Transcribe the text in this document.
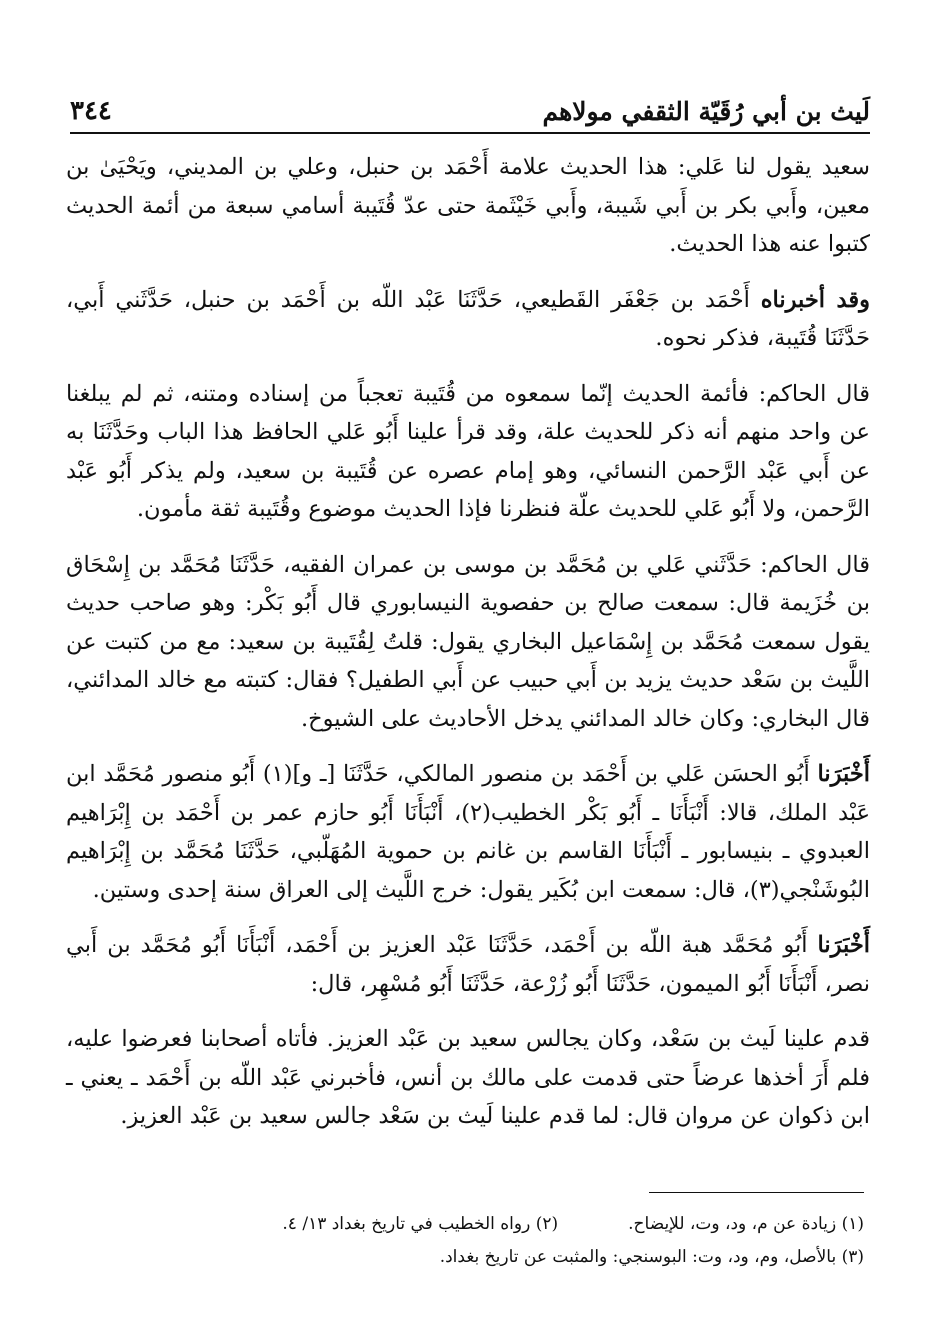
لَيث بن أبي رُقَيّة الثقفي مولاهم
٣٤٤

سعيد يقول لنا عَلي: هذا الحديث علامة أَحْمَد بن حنبل، وعلي بن المديني، ويَحْيَىٰ بن معين، وأَبي بكر بن أَبي شَيبة، وأَبي خَيْثَمة حتى عدّ قُتَيبة أسامي سبعة من أئمة الحديث كتبوا عنه هذا الحديث.

وقد أخبرناه أَحْمَد بن جَعْفَر القَطيعي، حَدَّثَنَا عَبْد اللّه بن أَحْمَد بن حنبل، حَدَّثَني أَبي، حَدَّثَنَا قُتَيبة، فذكر نحوه.

قال الحاكم: فأئمة الحديث إنّما سمعوه من قُتَيبة تعجباً من إسناده ومتنه، ثم لم يبلغنا عن واحد منهم أنه ذكر للحديث علة، وقد قرأ علينا أَبُو عَلي الحافظ هذا الباب وحَدَّثَنَا به عن أَبي عَبْد الرَّحمن النسائي، وهو إمام عصره عن قُتَيبة بن سعيد، ولم يذكر أَبُو عَبْد الرَّحمن، ولا أَبُو عَلي للحديث علّة فنظرنا فإذا الحديث موضوع وقُتَيبة ثقة مأمون.

قال الحاكم: حَدَّثَني عَلي بن مُحَمَّد بن موسى بن عمران الفقيه، حَدَّثَنَا مُحَمَّد بن إِسْحَاق بن خُزَيمة قال: سمعت صالح بن حفصوية النيسابوري قال أَبُو بَكْر: وهو صاحب حديث يقول سمعت مُحَمَّد بن إِسْمَاعيل البخاري يقول: قلتُ لِقُتَيبة بن سعيد: مع من كتبت عن اللَّيث بن سَعْد حديث يزيد بن أَبي حبيب عن أَبي الطفيل؟ فقال: كتبته مع خالد المدائني، قال البخاري: وكان خالد المدائني يدخل الأحاديث على الشيوخ.

أَخْبَرَنا أَبُو الحسَن عَلي بن أَحْمَد بن منصور المالكي، حَدَّثَنَا [ـ و](١) أَبُو منصور مُحَمَّد ابن عَبْد الملك، قالا: أَنْبَأَنَا ـ أَبُو بَكْر الخطيب(٢)، أَنْبَأَنَا أَبُو حازم عمر بن أَحْمَد بن إِبْرَاهيم العبدوي ـ بنيسابور ـ أَنْبَأَنَا القاسم بن غانم بن حموية المُهَلّبي، حَدَّثَنَا مُحَمَّد بن إِبْرَاهيم البُوشَنْجي(٣)، قال: سمعت ابن بُكَير يقول: خرج اللَّيث إلى العراق سنة إحدى وستين.

أَخْبَرَنا أَبُو مُحَمَّد هبة اللّه بن أَحْمَد، حَدَّثَنَا عَبْد العزيز بن أَحْمَد، أَنْبَأَنَا أَبُو مُحَمَّد بن أَبي نصر، أَنْبَأَنَا أَبُو الميمون، حَدَّثَنَا أَبُو زُرْعة، حَدَّثَنَا أَبُو مُسْهِر، قال:

قدم علينا لَيث بن سَعْد، وكان يجالس سعيد بن عَبْد العزيز. فأتاه أصحابنا فعرضوا عليه، فلم أَرَ أخذها عرضاً حتى قدمت على مالك بن أنس، فأخبرني عَبْد اللّه بن أَحْمَد ـ يعني ـ ابن ذكوان عن مروان قال: لما قدم علينا لَيث بن سَعْد جالس سعيد بن عَبْد العزيز.

(١) زيادة عن م، ود، وت، للإيضاح.
(٢) رواه الخطيب في تاريخ بغداد ١٣/ ٤.
(٣) بالأصل، وم، ود، وت: البوسنجي: والمثبت عن تاريخ بغداد.
